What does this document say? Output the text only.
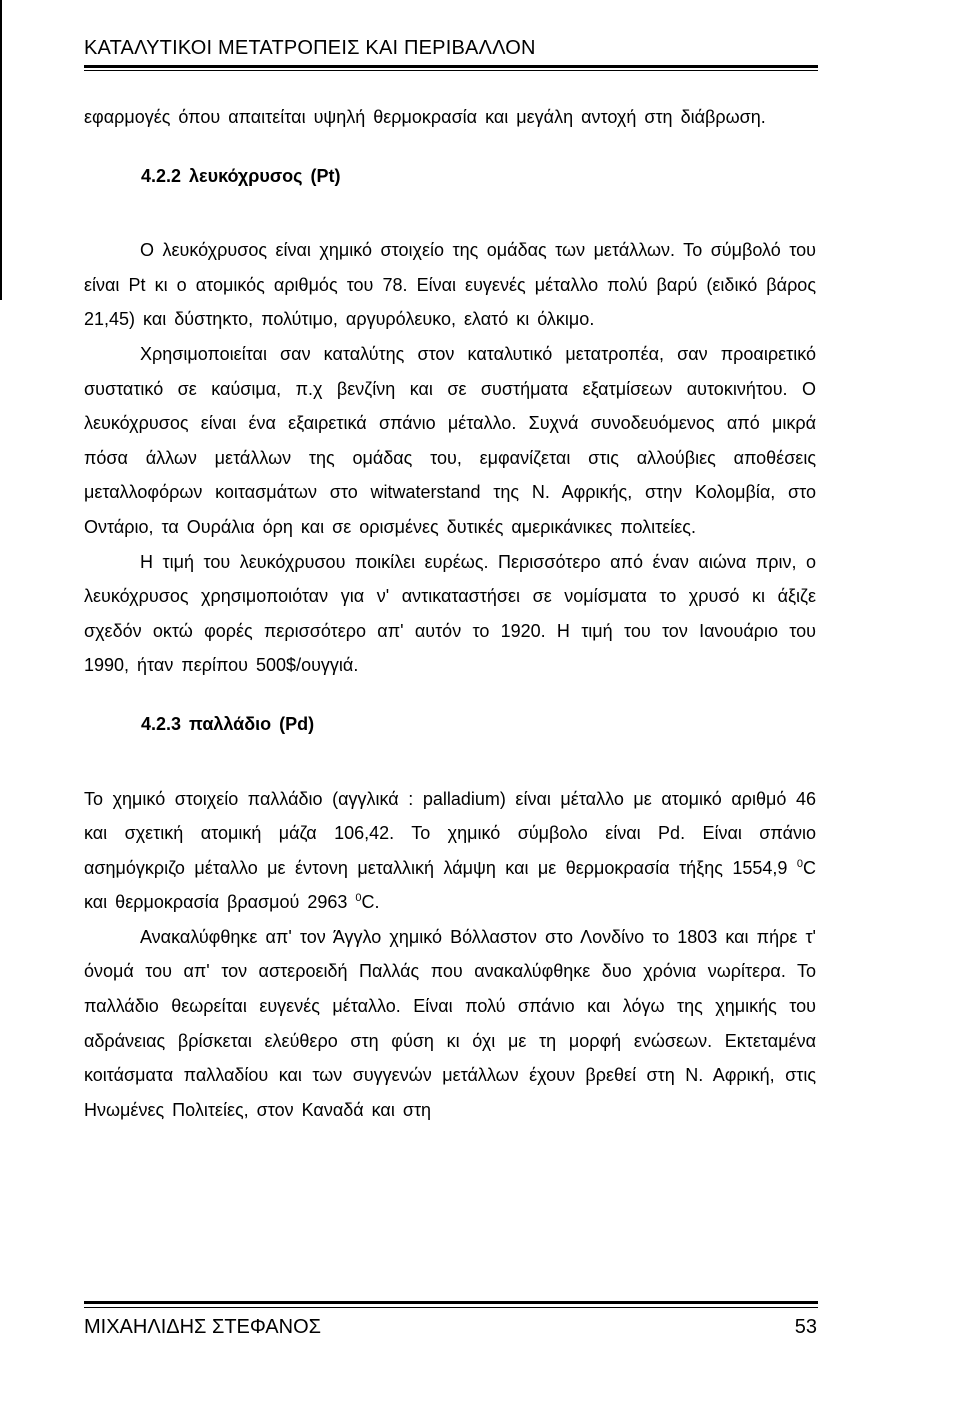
ΚΑΤΑΛΥΤΙΚΟΙ ΜΕΤΑΤΡΟΠΕΙΣ ΚΑΙ ΠΕΡΙΒΑΛΛΟΝ

εφαρμογές όπου απαιτείται υψηλή θερμοκρασία και μεγάλη αντοχή στη διάβρωση.

4.2.2 λευκόχρυσος (Pt)

Ο λευκόχρυσος είναι χημικό στοιχείο της ομάδας των μετάλλων. Το σύμβολό του είναι Pt κι ο ατομικός αριθμός του 78. Είναι ευγενές μέταλλο πολύ βαρύ (ειδικό βάρος 21,45) και δύστηκτο, πολύτιμο, αργυρόλευκο, ελατό κι όλκιμο.

Χρησιμοποιείται σαν καταλύτης στον καταλυτικό μετατροπέα, σαν προαιρετικό συστατικό σε καύσιμα, π.χ βενζίνη και σε συστήματα εξατμίσεων αυτοκινήτου. Ο λευκόχρυσος είναι ένα εξαιρετικά σπάνιο μέταλλο. Συχνά συνοδευόμενος από μικρά πόσα άλλων μετάλλων της ομάδας του, εμφανίζεται στις αλλούβιες αποθέσεις μεταλλοφόρων κοιτασμάτων στο witwaterstand της Ν. Αφρικής, στην Κολομβία, στο Οντάριο, τα Ουράλια όρη και σε ορισμένες δυτικές αμερικάνικες πολιτείες.

Η τιμή του λευκόχρυσου ποικίλει ευρέως. Περισσότερο από έναν αιώνα πριν, ο λευκόχρυσος χρησιμοποιόταν για ν' αντικαταστήσει σε νομίσματα το χρυσό κι άξιζε σχεδόν οκτώ φορές περισσότερο απ' αυτόν το 1920. Η τιμή του τον Ιανουάριο του 1990, ήταν περίπου 500$/ουγγιά.

4.2.3 παλλάδιο (Pd)

Το χημικό στοιχείο παλλάδιο (αγγλικά : palladium) είναι μέταλλο με ατομικό αριθμό 46 και σχετική ατομική μάζα 106,42. Το χημικό σύμβολο είναι Pd. Είναι σπάνιο ασημόγκριζο μέταλλο με έντονη μεταλλική λάμψη και με θερμοκρασία τήξης 1554,9 $^0$C και θερμοκρασία βρασμού 2963 $^0$C.

Ανακαλύφθηκε απ' τον Άγγλο χημικό Βόλλαστον στο Λονδίνο το 1803 και πήρε τ' όνομά του απ' τον αστεροειδή Παλλάς που ανακαλύφθηκε δυο χρόνια νωρίτερα. Το παλλάδιο θεωρείται ευγενές μέταλλο. Είναι πολύ σπάνιο και λόγω της χημικής του αδράνειας βρίσκεται ελεύθερο στη φύση κι όχι με τη μορφή ενώσεων. Εκτεταμένα κοιτάσματα παλλαδίου και των συγγενών μετάλλων έχουν βρεθεί στη Ν. Αφρική, στις Ηνωμένες Πολιτείες, στον Καναδά και στη

ΜΙΧΑΗΛΙΔΗΣ ΣΤΕΦΑΝΟΣ	53
